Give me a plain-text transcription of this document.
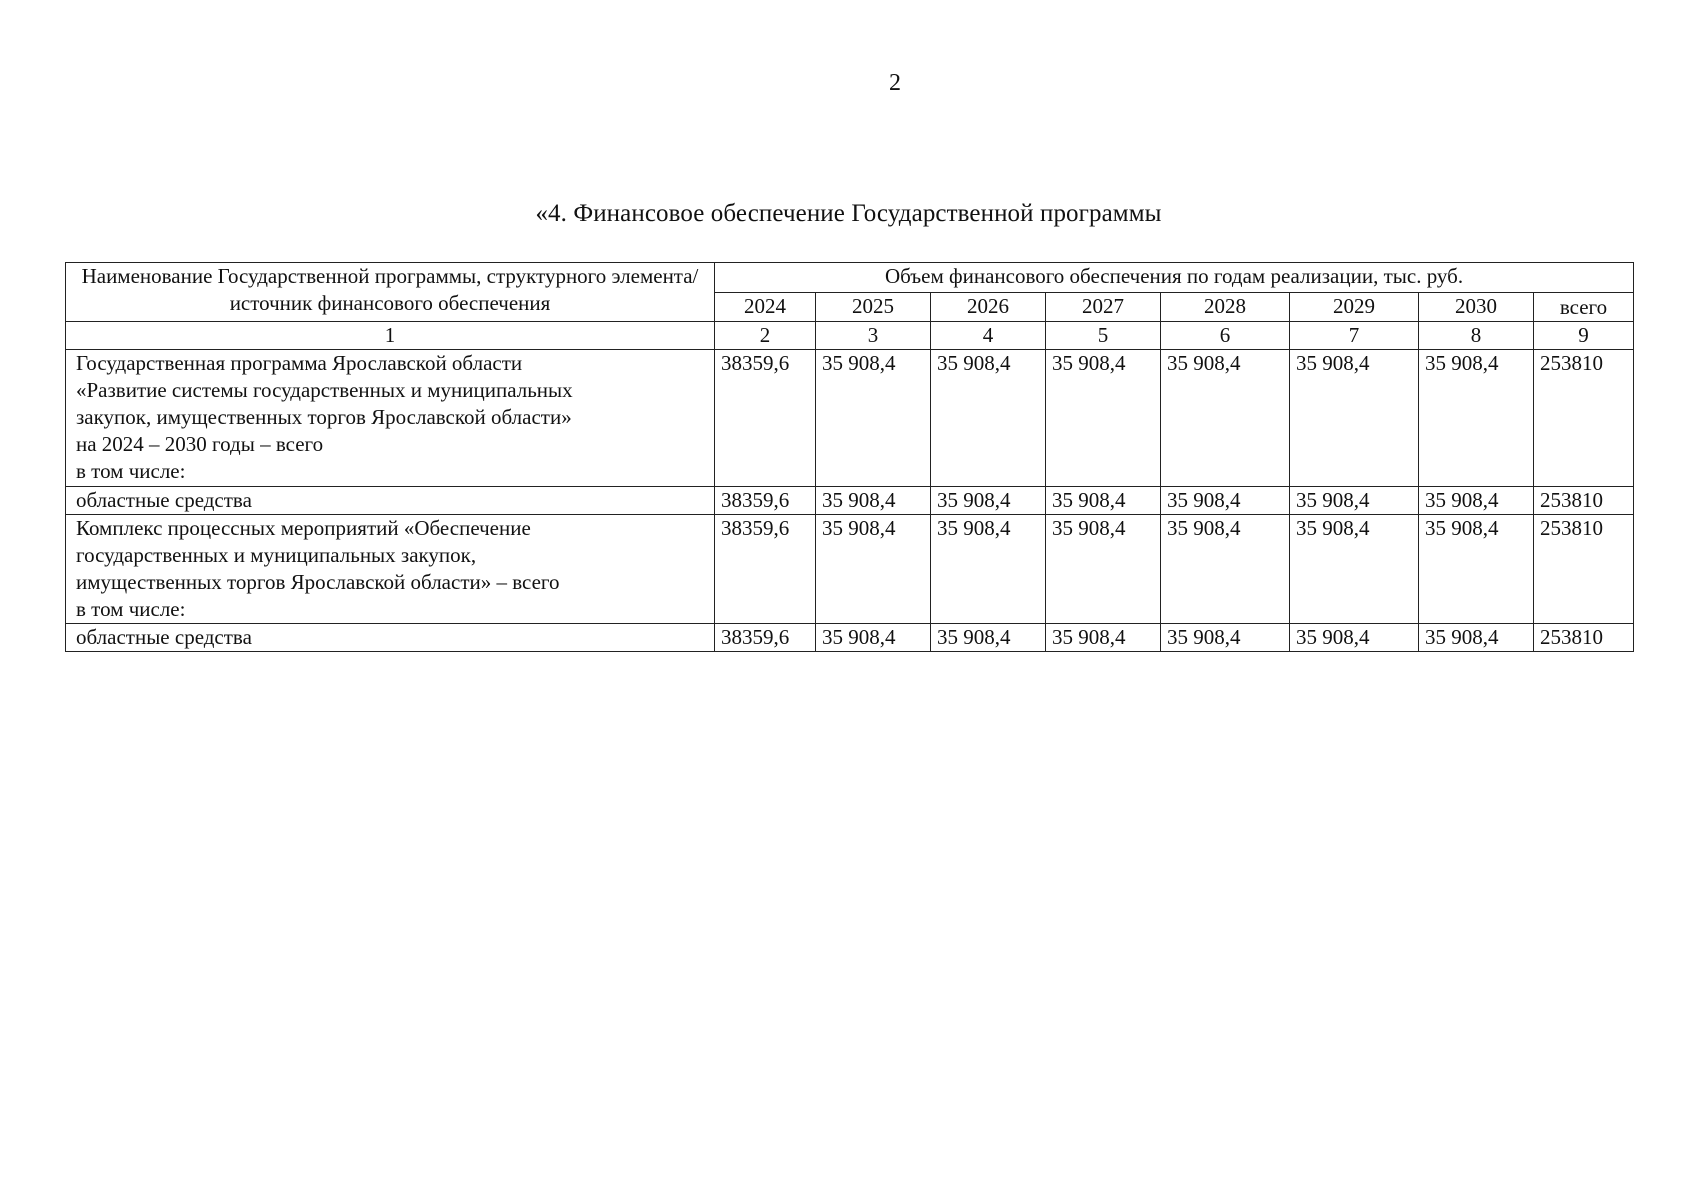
2
«4. Финансовое обеспечение Государственной программы
Наименование Государственной программы, структурного элемента/ источник финансового обеспечения	Объем финансового обеспечения по годам реализации, тыс. руб.							
	2024	2025	2026	2027	2028	2029	2030	всего
1	2	3	4	5	6	7	8	9

Государственная программа Ярославской области
«Развитие системы государственных и муниципальных
закупок, имущественных торгов Ярославской области»
на 2024 – 2030 годы – всего
в том числе:	38359,6	35 908,4	35 908,4	35 908,4	35 908,4	35 908,4	35 908,4	253810
областные средства	38359,6	35 908,4	35 908,4	35 908,4	35 908,4	35 908,4	35 908,4	253810

Комплекс процессных мероприятий «Обеспечение
государственных и муниципальных закупок,
имущественных торгов Ярославской области» – всего
в том числе:	38359,6	35 908,4	35 908,4	35 908,4	35 908,4	35 908,4	35 908,4	253810
областные средства	38359,6	35 908,4	35 908,4	35 908,4	35 908,4	35 908,4	35 908,4	253810
